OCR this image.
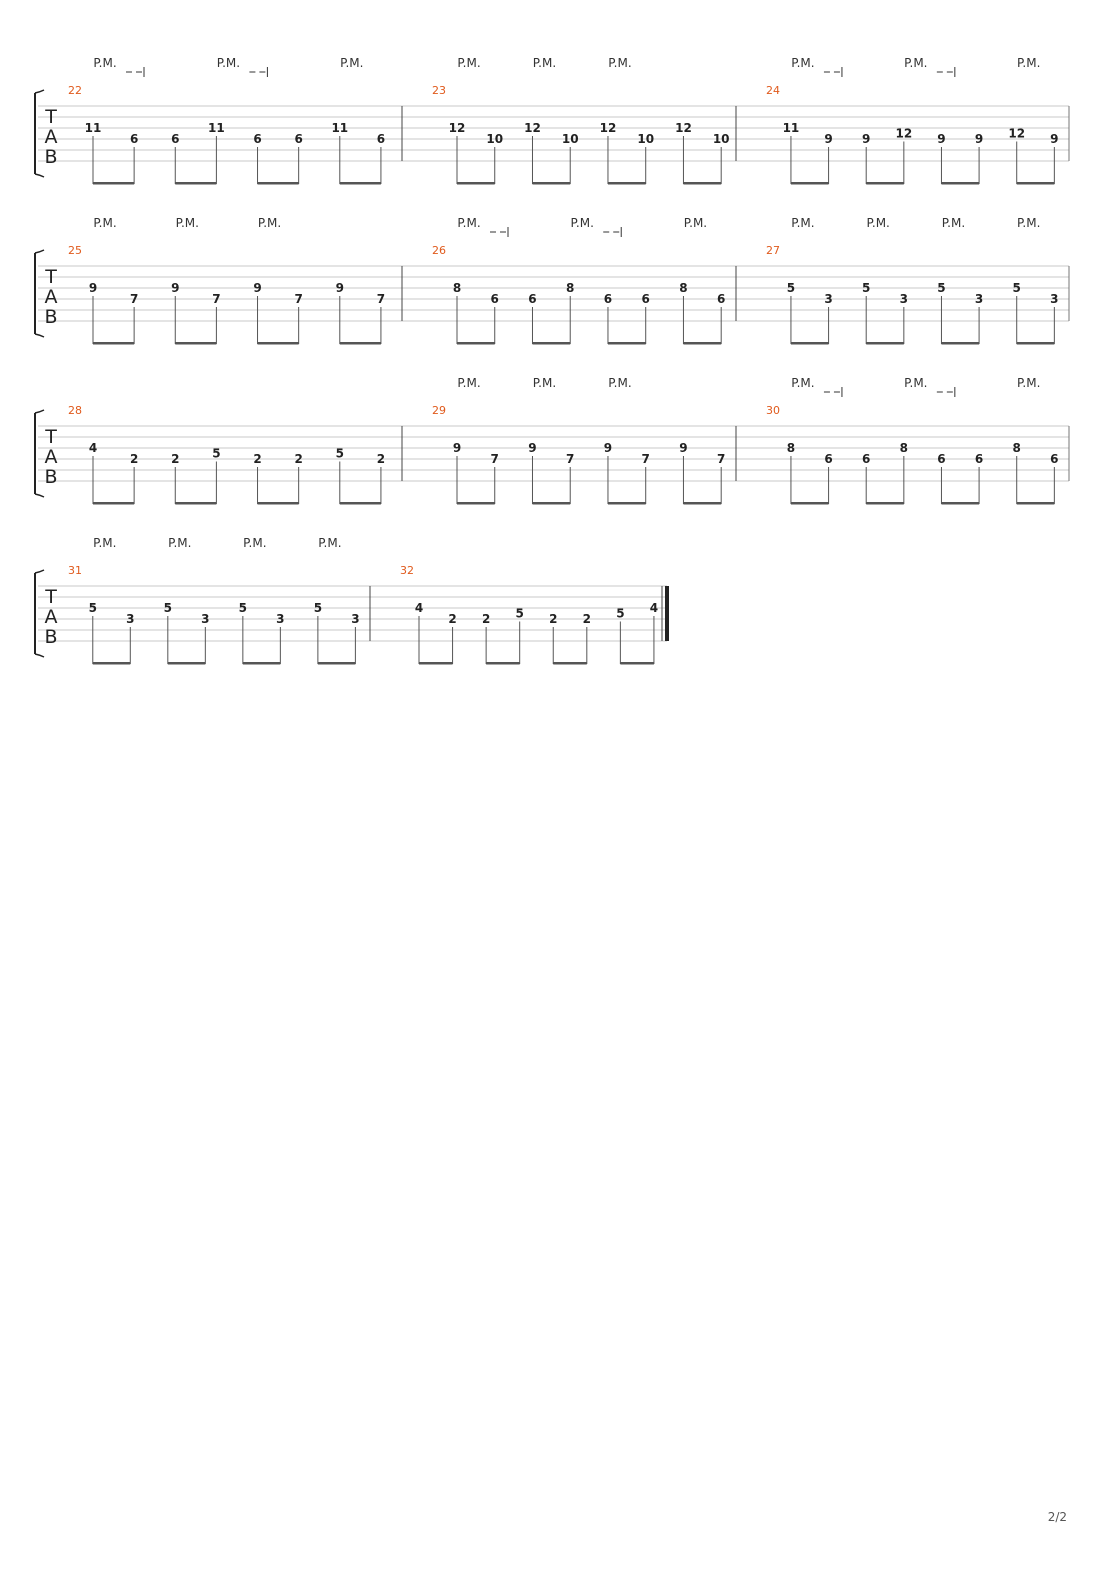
T
A
B
22
P.M.	P.M.	P.M.
11
6	6
11
6	6
11
6
23
P.M.	P.M.	P.M.
12
10
12
10
12
10
12
10
24
P.M.	P.M.	P.M.
11
9 9 12 9 9 12 9
T
A
B
25
P.M.	P.M.	P.M.
9
7
9
7
9
7
9
7
26
P.M.	P.M.	P.M.
8
6 6
8
6 6
8
6
27
P.M.	P.M.	P.M.	P.M.
5
3
5
3
5
3
5
3
T
A
B
28
4
2	2	5	2	2	5	2
29
P.M.	P.M.	P.M.
9
7
9
7
9
7
9
7
30
P.M.	P.M.	P.M.
8
6 6
8
6 6
8
6
T
A
B
31
P.M.	P.M.	P.M.	P.M.
5
3
5
3
5
3
5
3
32
4
2 2 5 2 2 5 4
2/2
